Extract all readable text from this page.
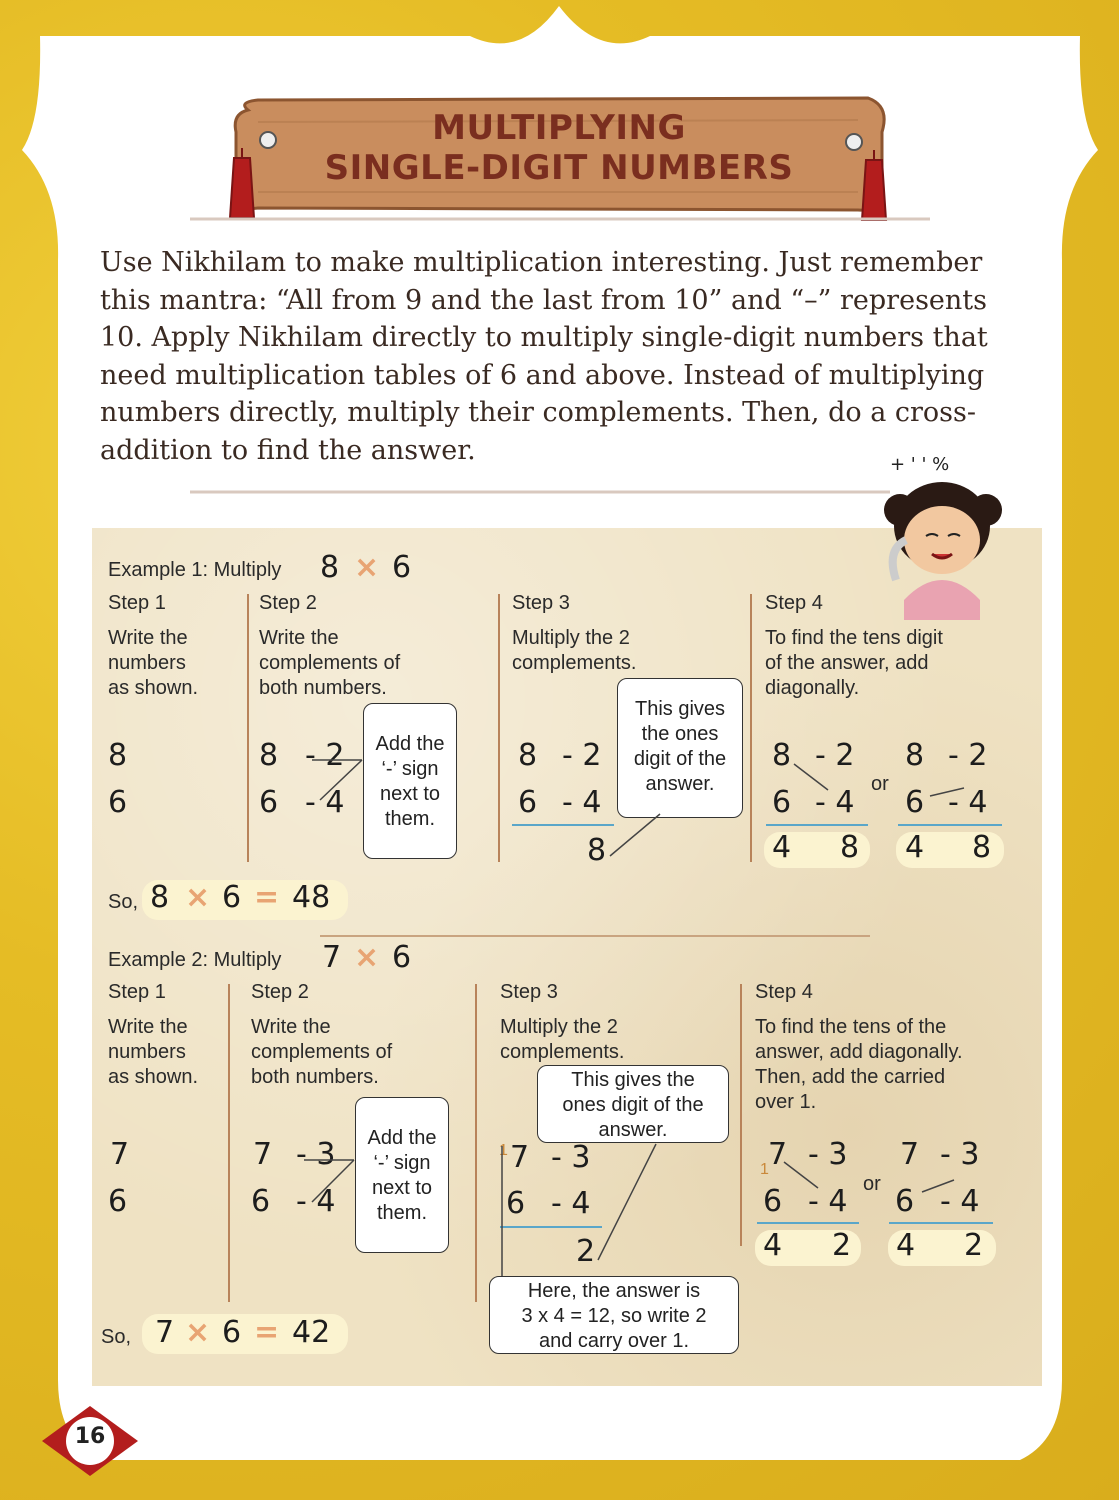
MULTIPLYING
SINGLE-DIGIT NUMBERS

Use Nikhilam to make multiplication interesting. Just remember this mantra: “All from 9 and the last from 10” and “–” represents 10. Apply Nikhilam directly to multiply single-digit numbers that need multiplication tables of 6 and above. Instead of multiplying numbers directly, multiply their complements. Then, do a cross-addition to find the answer.	+ ' ' %
Example 1: Multiply 8 × 6
Step 1
Write the
numbers
as shown.
8
6
Step 2
Write the
complements of
both numbers.
8 - 2
6 - 4
Add the
‘-’ sign
next to
them.
Step 3
Multiply the 2
complements.
8 - 2
6 - 4
8
This gives
the ones
digit of the
answer.
Step 4
To find the tens digit
of the answer, add
diagonally.
8 - 2
6 - 4
4 8
or
8 - 2
6 - 4
4 8
So, 8 × 6 = 48
Example 2: Multiply 7 × 6
Step 1
Write the
numbers
as shown.
7
6
Step 2
Write the
complements of
both numbers.
7 - 3
6 - 4
Add the
‘-’ sign
next to
them.
Step 3
Multiply the 2
complements.
This gives the
ones digit of the
answer.
1 7 - 3
6 - 4
2
Here, the answer is
3 x 4 = 12, so write 2
and carry over 1.
Step 4
To find the tens of the
answer, add diagonally.
Then, add the carried
over 1.
1 7 - 3
6 - 4
4 2
or
7 - 3
6 - 4
4 2
So, 7 × 6 = 42
16
